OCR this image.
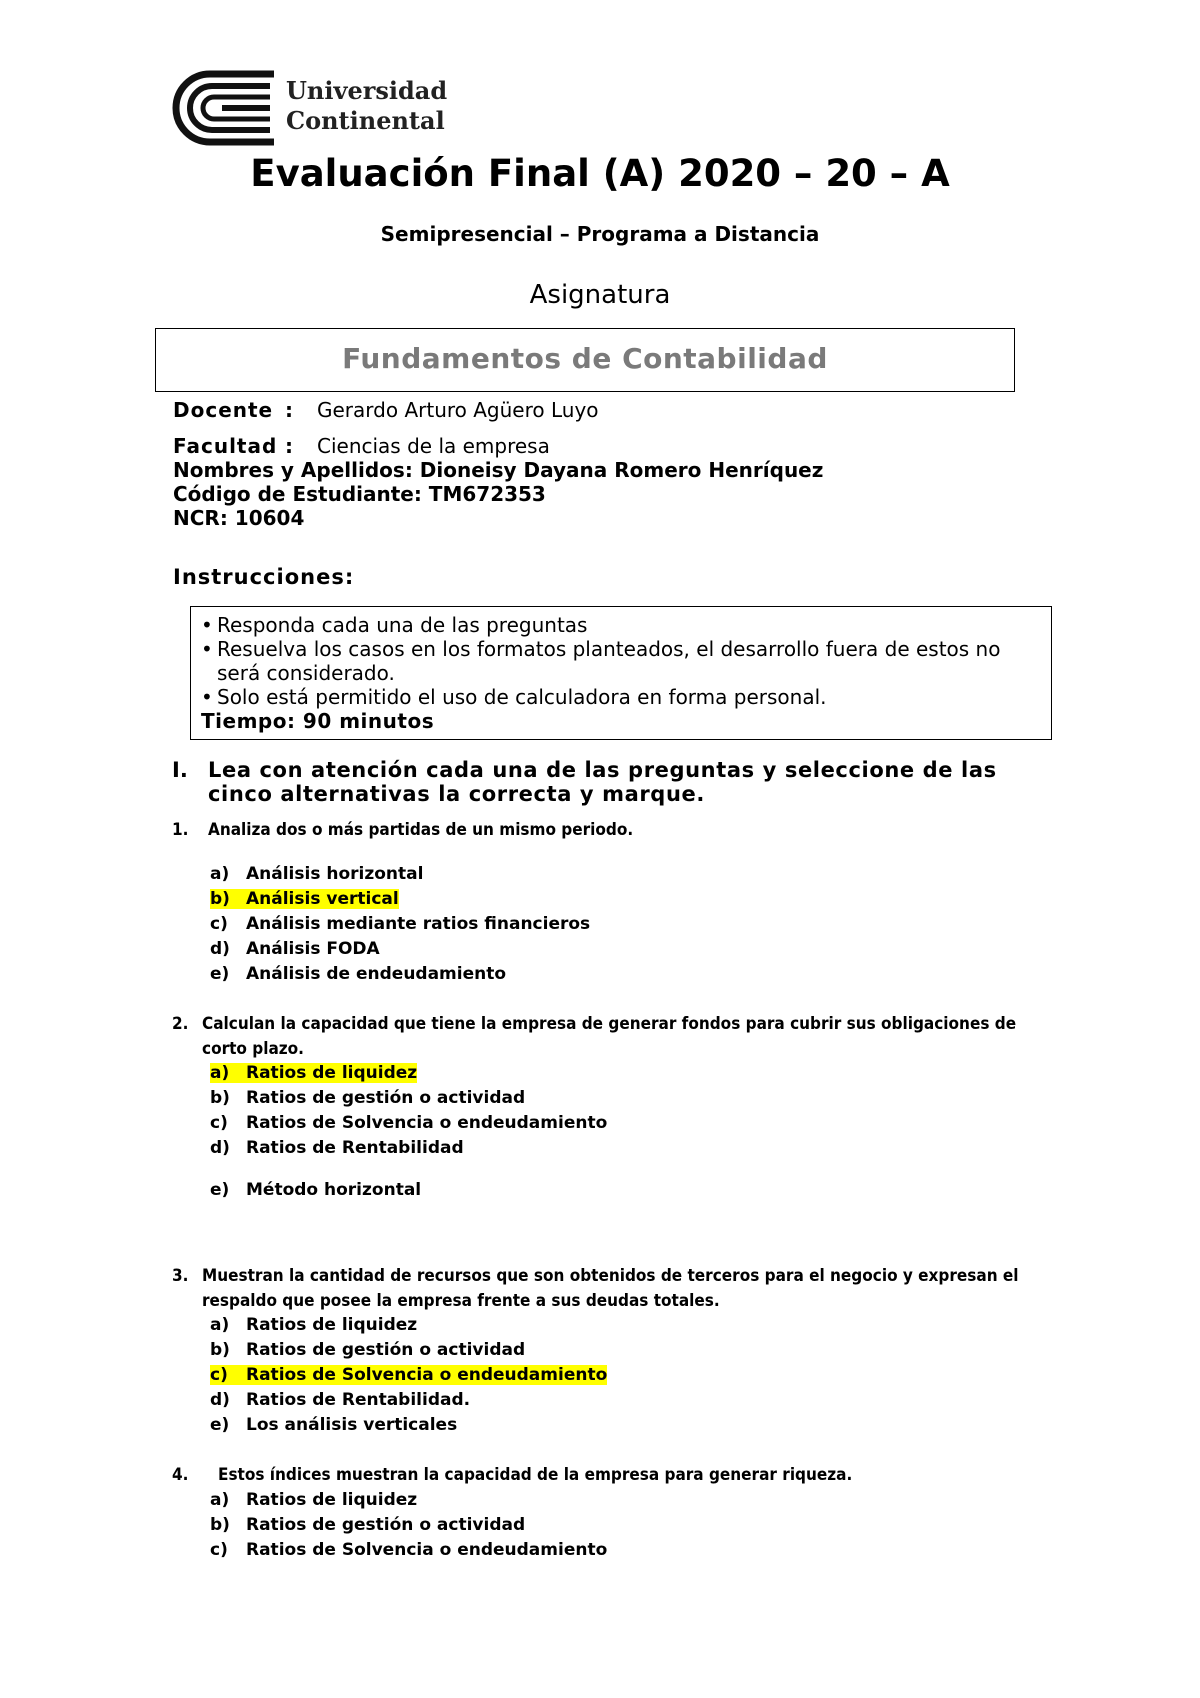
Universidad
Continental
Evaluación Final (A) 2020 – 20 – A
Semipresencial – Programa a Distancia
Asignatura
Fundamentos de Contabilidad
Docente : Gerardo Arturo Agüero Luyo
Facultad : Ciencias de la empresa
Nombres y Apellidos: Dioneisy Dayana Romero Henríquez
Código de Estudiante: TM672353
NCR: 10604
Instrucciones:
• Responda cada una de las preguntas
• Resuelva los casos en los formatos planteados, el desarrollo fuera de estos no
será considerado.
• Solo está permitido el uso de calculadora en forma personal.
Tiempo: 90 minutos
I. Lea con atención cada una de las preguntas y seleccione de las cinco alternativas la correcta y marque.
1. Analiza dos o más partidas de un mismo periodo.
a) Análisis horizontal
b) Análisis vertical
c) Análisis mediante ratios financieros
d) Análisis FODA
e) Análisis de endeudamiento
2. Calculan la capacidad que tiene la empresa de generar fondos para cubrir sus obligaciones de corto plazo.
a) Ratios de liquidez
b) Ratios de gestión o actividad
c) Ratios de Solvencia o endeudamiento
d) Ratios de Rentabilidad
e) Método horizontal
3. Muestran la cantidad de recursos que son obtenidos de terceros para el negocio y expresan el respaldo que posee la empresa frente a sus deudas totales.
a) Ratios de liquidez
b) Ratios de gestión o actividad
c) Ratios de Solvencia o endeudamiento
d) Ratios de Rentabilidad.
e) Los análisis verticales
4. Estos índices muestran la capacidad de la empresa para generar riqueza.
a) Ratios de liquidez
b) Ratios de gestión o actividad
c) Ratios de Solvencia o endeudamiento
